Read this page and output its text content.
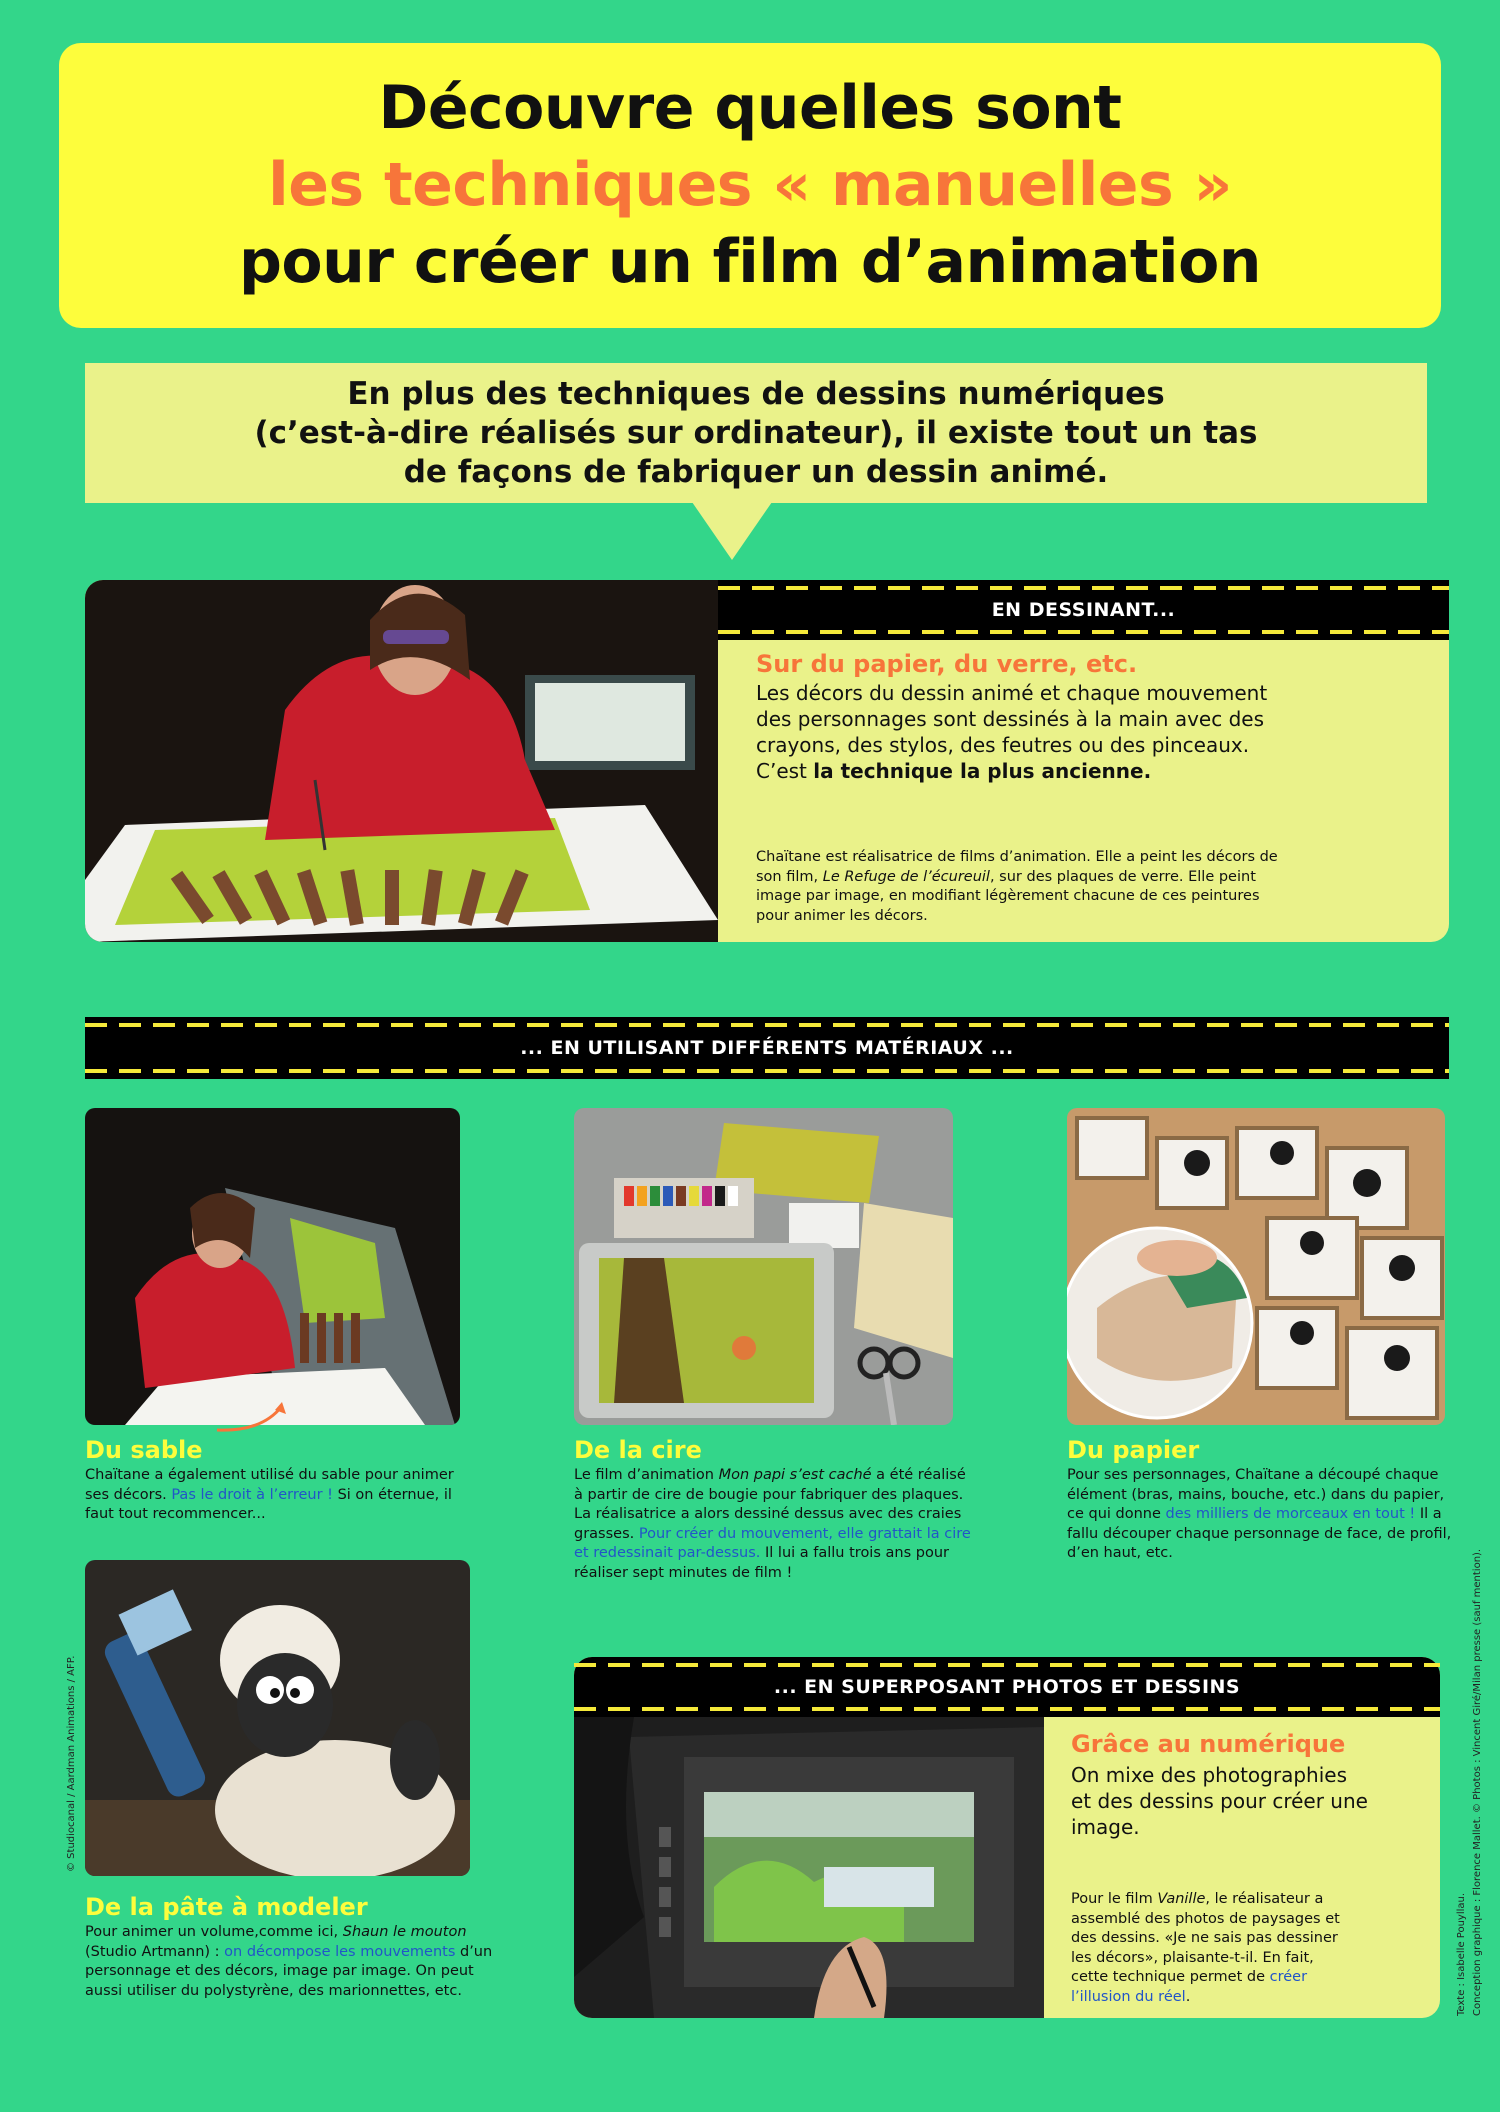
Découvre quelles sont
les techniques « manuelles »
pour créer un film d’animation
En plus des techniques de dessins numériques
(c’est-à-dire réalisés sur ordinateur), il existe tout un tas
de façons de fabriquer un dessin animé.
EN DESSINANT...
Sur du papier, du verre, etc.
Les décors du dessin animé et chaque mouvement des personnages sont dessinés à la main avec des crayons, des stylos, des feutres ou des pinceaux. C’est la technique la plus ancienne.
Chaïtane est réalisatrice de films d’animation. Elle a peint les décors de son film, Le Refuge de l’écureuil, sur des plaques de verre. Elle peint image par image, en modifiant légèrement chacune de ces peintures pour animer les décors.
... EN UTILISANT DIFFÉRENTS MATÉRIAUX ...
Du sable
Chaïtane a également utilisé du sable pour animer ses décors. Pas le droit à l’erreur ! Si on éternue, il faut tout recommencer...
De la cire
Le film d’animation Mon papi s’est caché a été réalisé à partir de cire de bougie pour fabriquer des plaques. La réalisatrice a alors dessiné dessus avec des craies grasses. Pour créer du mouvement, elle grattait la cire et redessinait par-dessus. Il lui a fallu trois ans pour réaliser sept minutes de film !
Du papier
Pour ses personnages, Chaïtane a découpé chaque élément (bras, mains, bouche, etc.) dans du papier, ce qui donne des milliers de morceaux en tout ! Il a fallu découper chaque personnage de face, de profil, d’en haut, etc.
© Studiocanal / Aardman Animations / AFP.
De la pâte à modeler
Pour animer un volume,comme ici, Shaun le mouton (Studio Artmann) : on décompose les mouvements d’un personnage et des décors, image par image. On peut aussi utiliser du polystyrène, des marionnettes, etc.
... EN SUPERPOSANT PHOTOS ET DESSINS
Grâce au numérique
On mixe des photographies et des dessins pour créer une image.
Pour le film Vanille, le réalisateur a assemblé des photos de paysages et des dessins. «Je ne sais pas dessiner les décors», plaisante-t-il. En fait, cette technique permet de créer l’illusion du réel.	Texte : Isabelle Pouyllau. Conception graphique : Florence Mallet. © Photos : Vincent Giré/Milan presse (sauf mention).
